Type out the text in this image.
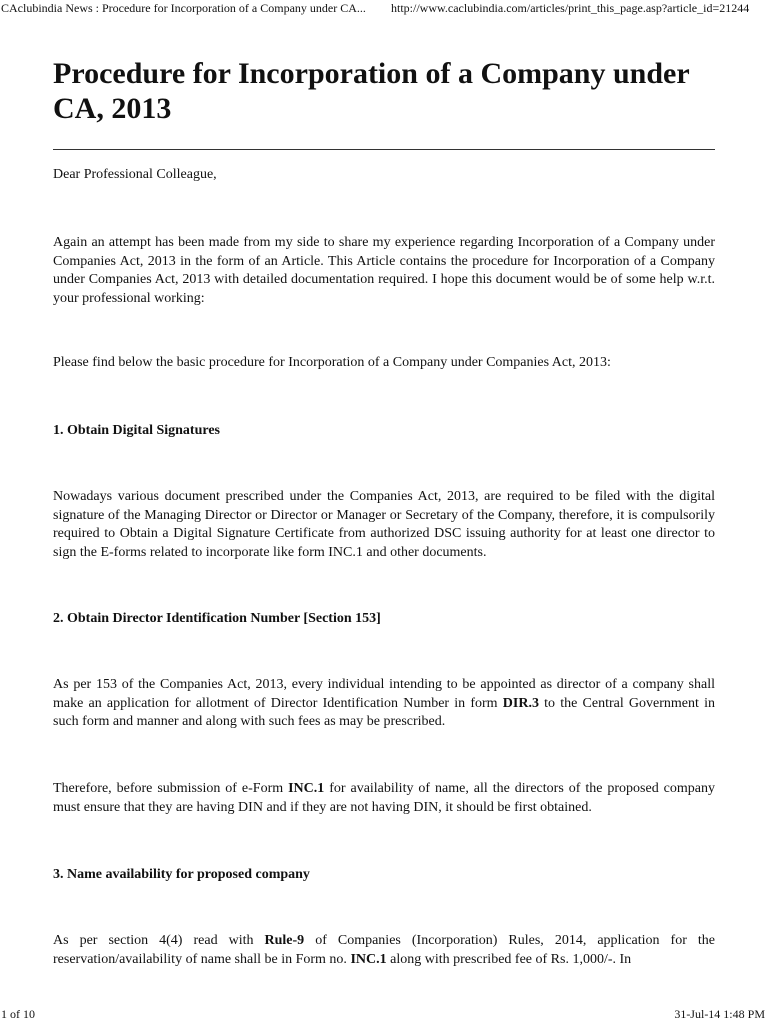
CAclubindia News : Procedure for Incorporation of a Company under CA... http://www.caclubindia.com/articles/print_this_page.asp?article_id=21244
Procedure for Incorporation of a Company under CA, 2013

Dear Professional Colleague,

Again an attempt has been made from my side to share my experience regarding Incorporation of a Company under Companies Act, 2013 in the form of an Article. This Article contains the procedure for Incorporation of a Company under Companies Act, 2013 with detailed documentation required. I hope this document would be of some help w.r.t. your professional working:

Please find below the basic procedure for Incorporation of a Company under Companies Act, 2013:

1. Obtain Digital Signatures

Nowadays various document prescribed under the Companies Act, 2013, are required to be filed with the digital signature of the Managing Director or Director or Manager or Secretary of the Company, therefore, it is compulsorily required to Obtain a Digital Signature Certificate from authorized DSC issuing authority for at least one director to sign the E-forms related to incorporate like form INC.1 and other documents.

2. Obtain Director Identification Number [Section 153]

As per 153 of the Companies Act, 2013, every individual intending to be appointed as director of a company shall make an application for allotment of Director Identification Number in form DIR.3 to the Central Government in such form and manner and along with such fees as may be prescribed.

Therefore, before submission of e-Form INC.1 for availability of name, all the directors of the proposed company must ensure that they are having DIN and if they are not having DIN, it should be first obtained.

3. Name availability for proposed company

As per section 4(4) read with Rule-9 of Companies (Incorporation) Rules, 2014, application for the reservation/availability of name shall be in Form no. INC.1 along with prescribed fee of Rs. 1,000/-. In

1 of 10	31-Jul-14 1:48 PM
